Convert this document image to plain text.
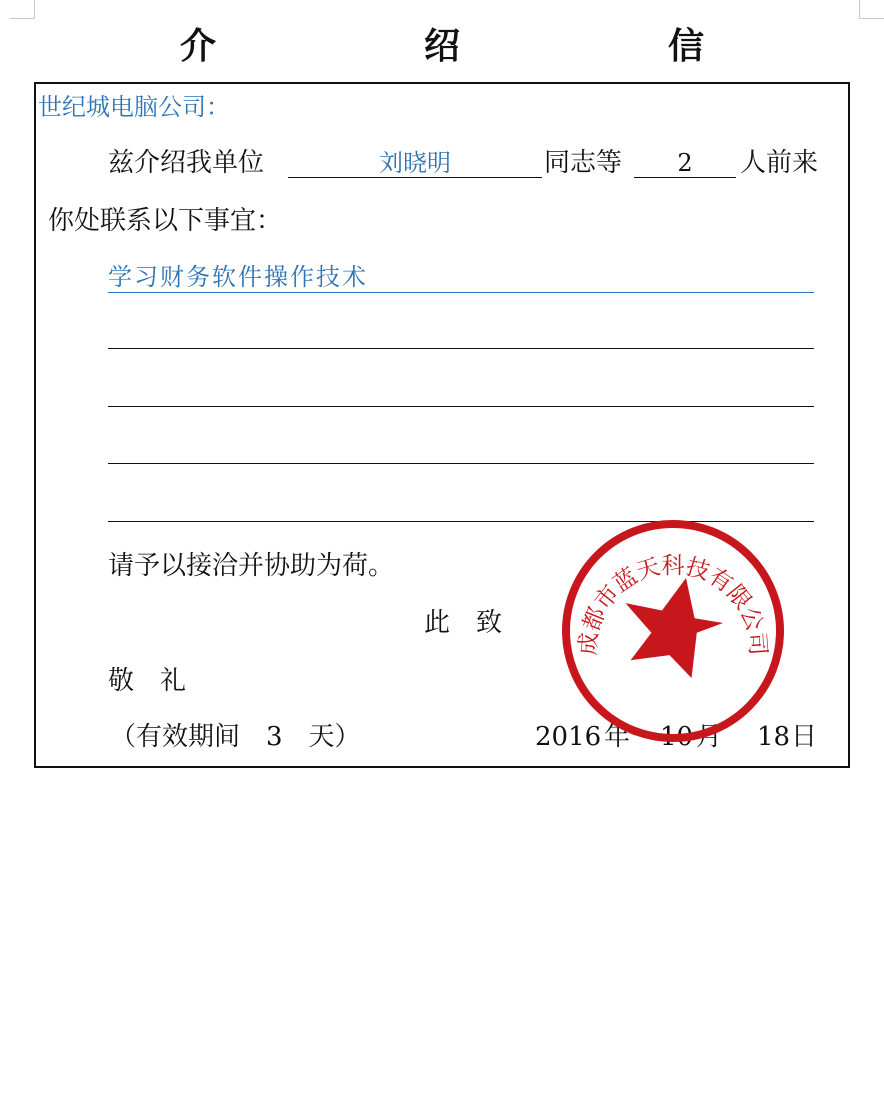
介　绍　信
世纪城电脑公司：
兹介绍我单位	刘晓明	同志等	2	人前来
你处联系以下事宜：
学习财务软件操作技术
请予以接洽并协助为荷。
此　致
敬　礼
（有效期间　3　天）	2016 年 10 月 18 日
成都市蓝天科技有限公司
